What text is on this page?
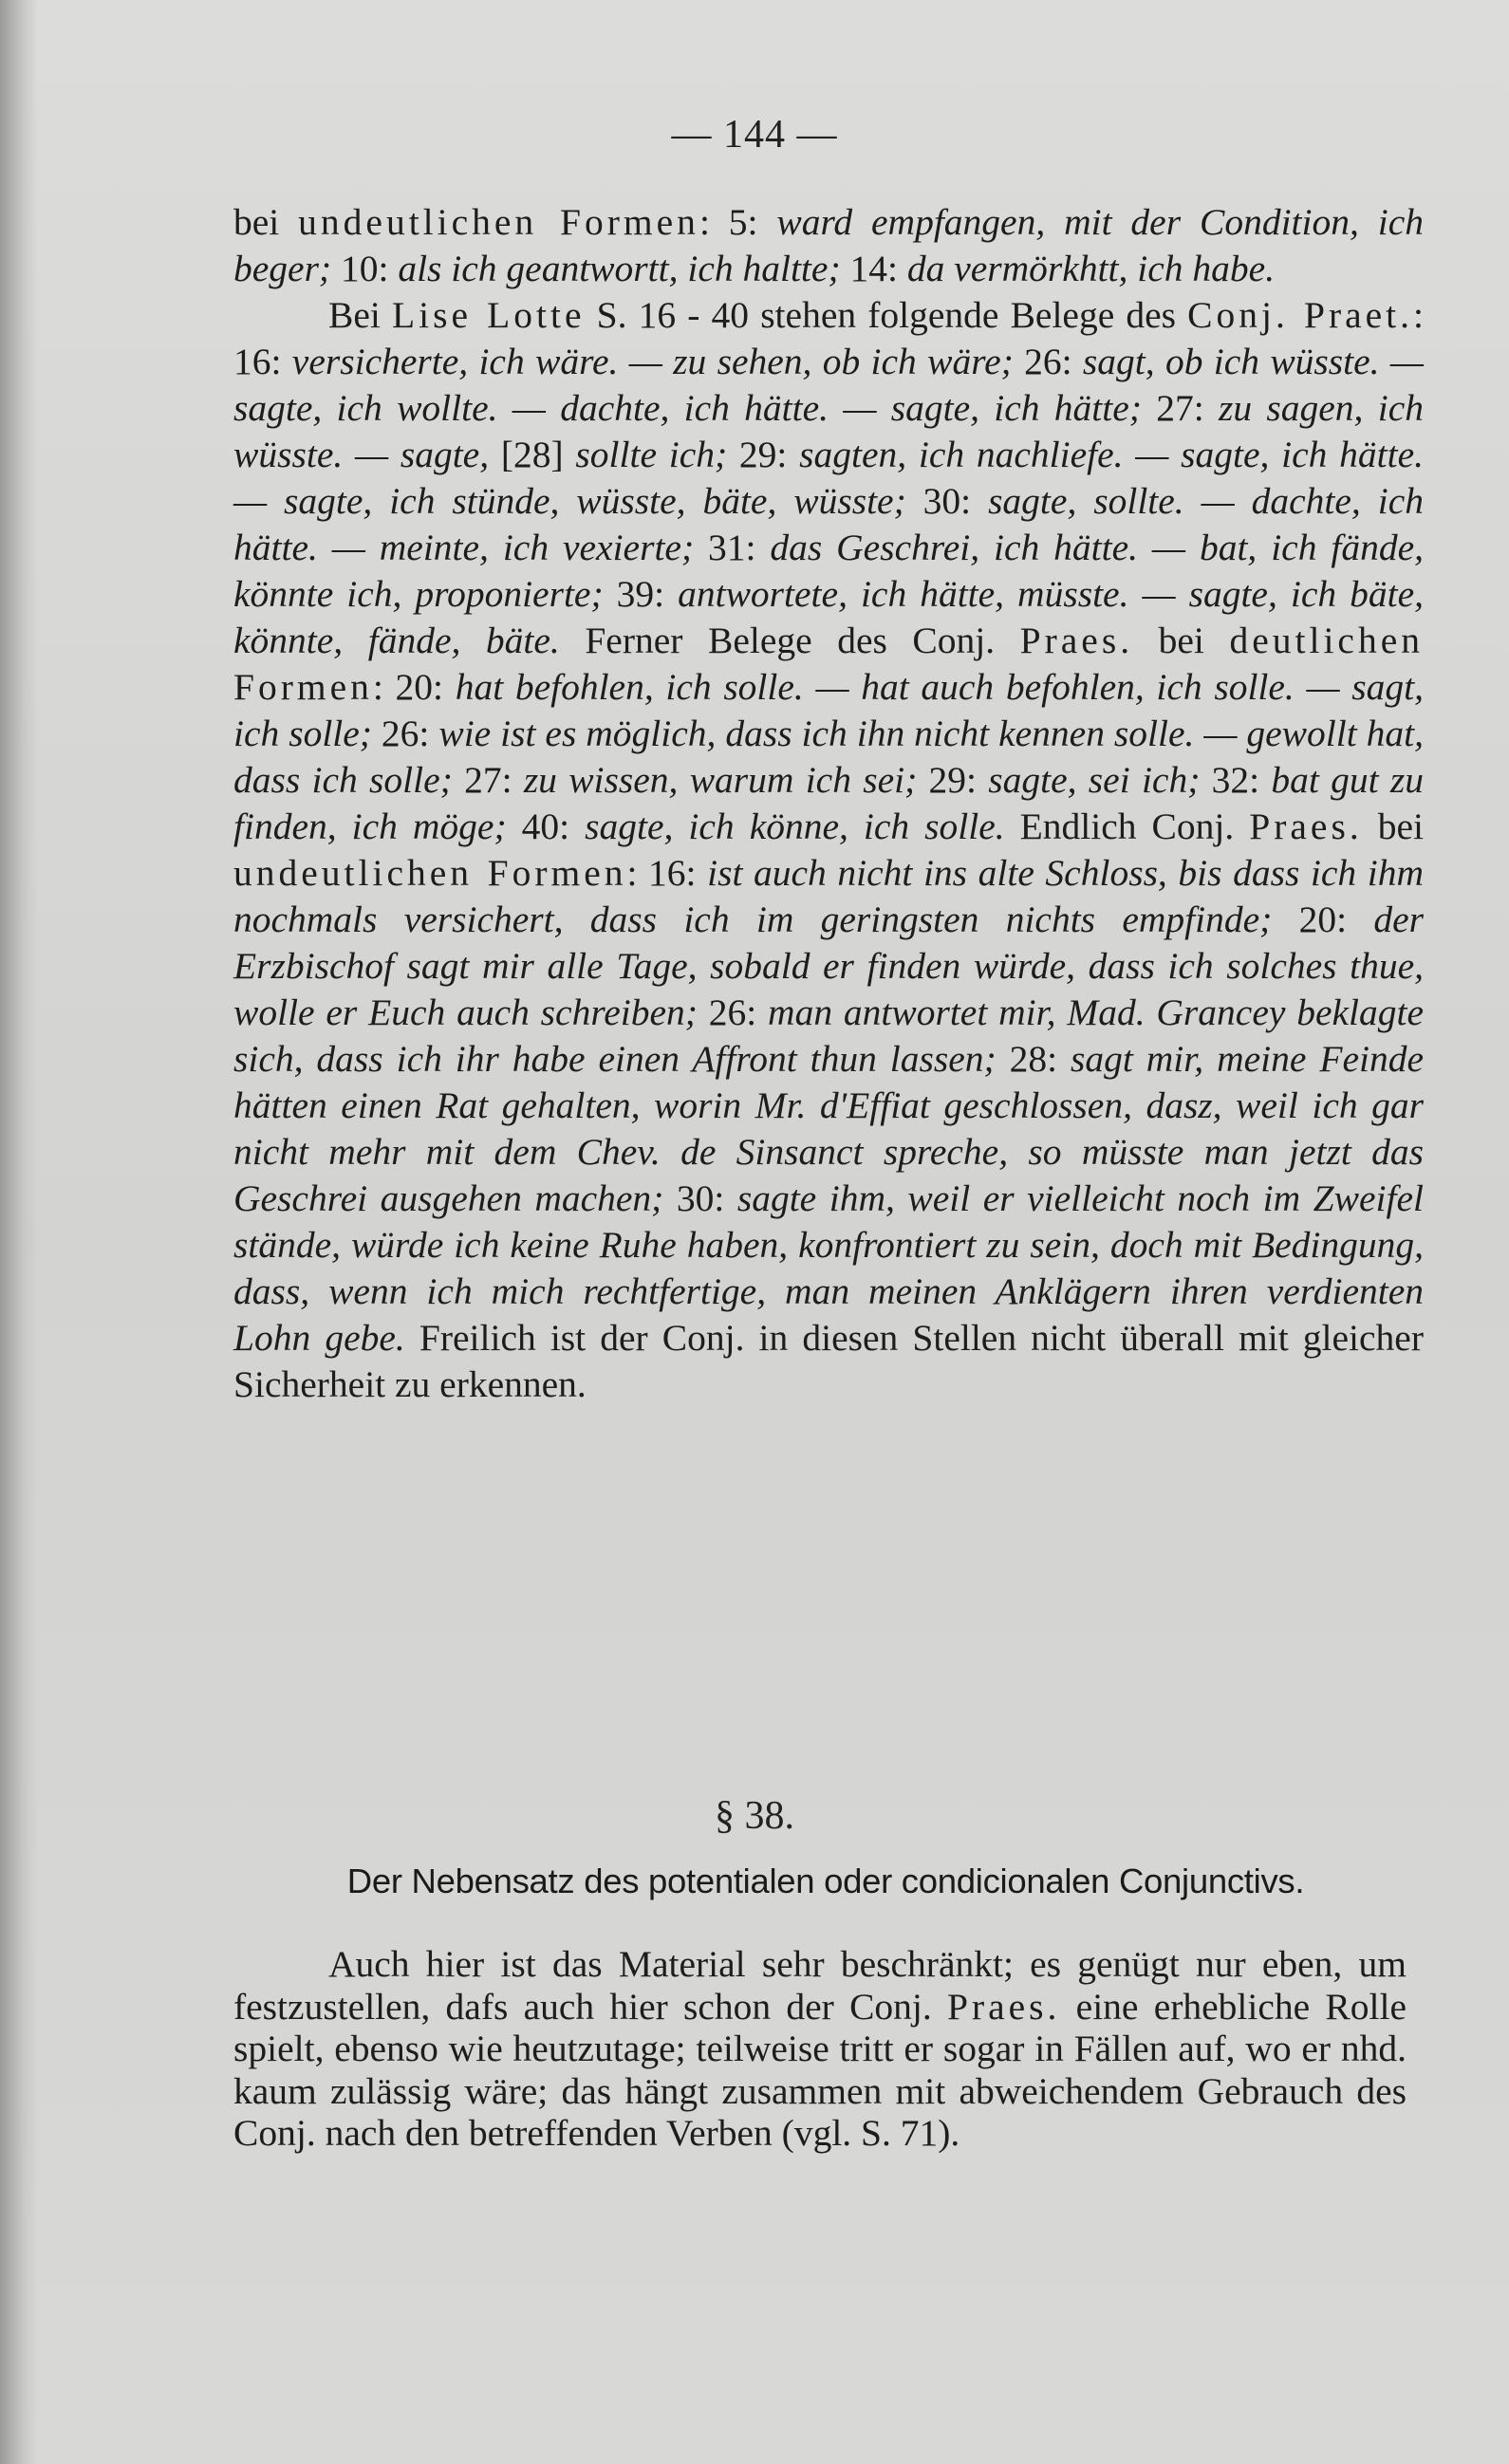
— 144 —

bei undeutlichen Formen: 5: ward empfangen, mit der Condition, ich beger; 10: als ich geantwortt, ich haltte; 14: da vermörkhtt, ich habe.

Bei Lise Lotte S. 16 - 40 stehen folgende Belege des Conj. Praet.: 16: versicherte, ich wäre. — zu sehen, ob ich wäre; 26: sagt, ob ich wüsste. — sagte, ich wollte. — dachte, ich hätte. — sagte, ich hätte; 27: zu sagen, ich wüsste. — sagte, [28] sollte ich; 29: sagten, ich nachliefe. — sagte, ich hätte. — sagte, ich stünde, wüsste, bäte, wüsste; 30: sagte, sollte. — dachte, ich hätte. — meinte, ich vexierte; 31: das Geschrei, ich hätte. — bat, ich fände, könnte ich, proponierte; 39: antwortete, ich hätte, müsste. — sagte, ich bäte, könnte, fände, bäte. Ferner Belege des Conj. Praes. bei deutlichen Formen: 20: hat befohlen, ich solle. — hat auch befohlen, ich solle. — sagt, ich solle; 26: wie ist es möglich, dass ich ihn nicht kennen solle. — gewollt hat, dass ich solle; 27: zu wissen, warum ich sei; 29: sagte, sei ich; 32: bat gut zu finden, ich möge; 40: sagte, ich könne, ich solle. Endlich Conj. Praes. bei undeutlichen Formen: 16: ist auch nicht ins alte Schloss, bis dass ich ihm nochmals versichert, dass ich im geringsten nichts empfinde; 20: der Erzbischof sagt mir alle Tage, sobald er finden würde, dass ich solches thue, wolle er Euch auch schreiben; 26: man antwortet mir, Mad. Grancey beklagte sich, dass ich ihr habe einen Affront thun lassen; 28: sagt mir, meine Feinde hätten einen Rat gehalten, worin Mr. d'Effiat geschlossen, dasz, weil ich gar nicht mehr mit dem Chev. de Sinsanct spreche, so müsste man jetzt das Geschrei ausgehen machen; 30: sagte ihm, weil er vielleicht noch im Zweifel stände, würde ich keine Ruhe haben, konfrontiert zu sein, doch mit Bedingung, dass, wenn ich mich rechtfertige, man meinen Anklägern ihren verdienten Lohn gebe. Freilich ist der Conj. in diesen Stellen nicht überall mit gleicher Sicherheit zu erkennen.

§ 38.
Der Nebensatz des potentialen oder condicionalen Conjunctivs.

Auch hier ist das Material sehr beschränkt; es genügt nur eben, um festzustellen, dafs auch hier schon der Conj. Praes. eine erhebliche Rolle spielt, ebenso wie heutzutage; teilweise tritt er sogar in Fällen auf, wo er nhd. kaum zulässig wäre; das hängt zusammen mit abweichendem Gebrauch des Conj. nach den betreffenden Verben (vgl. S. 71).
